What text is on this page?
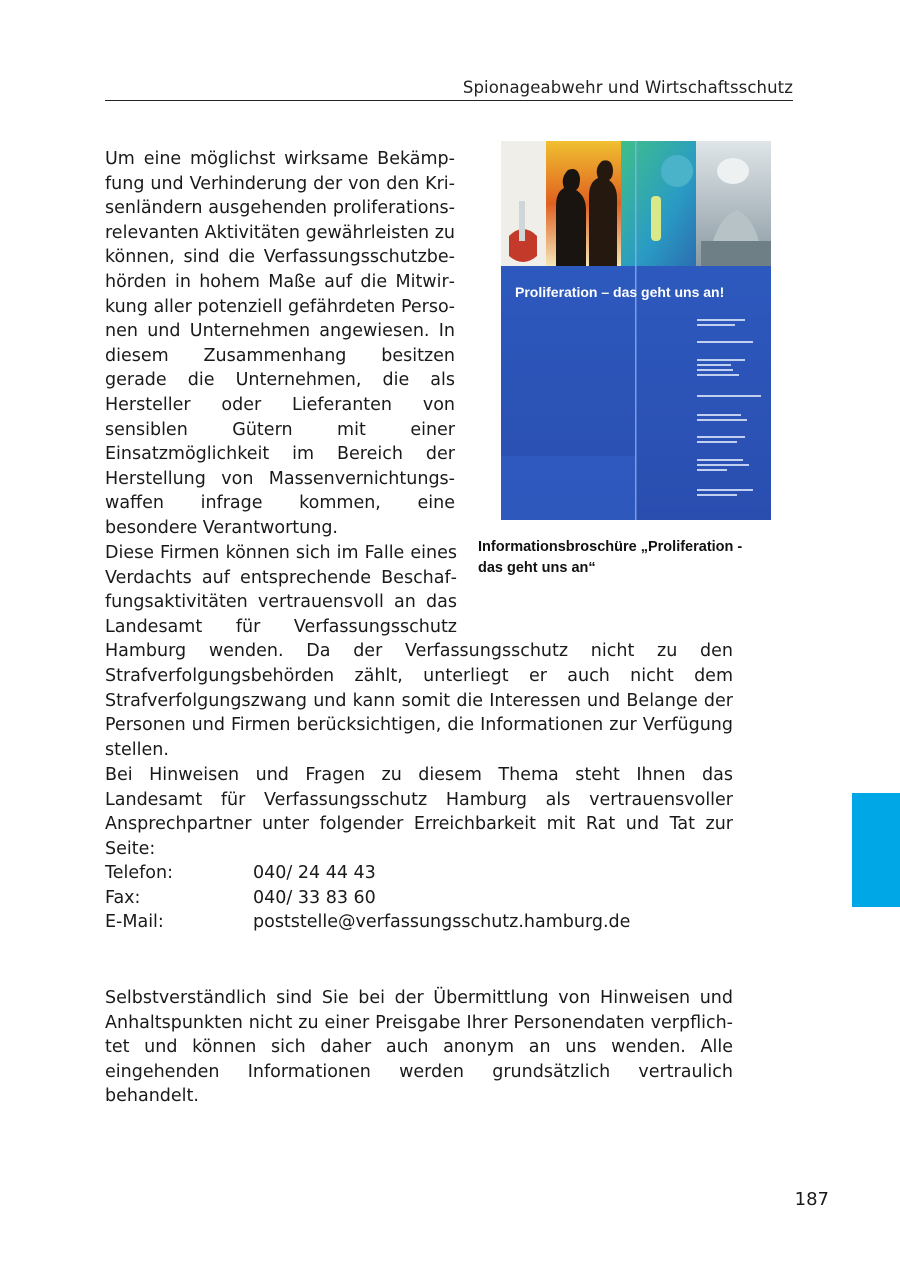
Spionageabwehr und Wirtschaftsschutz
Um eine möglichst wirksame Bekämpfung und Verhinderung der von den Krisenländern ausgehenden proliferationsrelevanten Aktivitäten gewährleisten zu können, sind die Verfassungsschutzbehörden in hohem Maße auf die Mitwirkung aller potenziell gefährdeten Personen und Unternehmen angewiesen. In diesem Zusammenhang besitzen gerade die Unternehmen, die als Hersteller oder Lieferanten von sensiblen Gütern mit einer Einsatzmöglichkeit im Bereich der Herstellung von Massenvernichtungswaffen infrage kommen, eine besondere Verantwortung.
Proliferation – das geht uns an!
Informationsbroschüre „Proliferation -
das geht uns an“

Diese Firmen können sich im Falle eines Verdachts auf entsprechende Beschaffungsaktivitäten vertrauensvoll an das Landesamt für Verfassungsschutz Hamburg wenden. Da der Verfassungsschutz nicht zu den Strafverfolgungsbehörden zählt, unterliegt er auch nicht dem Strafverfolgungszwang und kann somit die Interessen und Belange der Personen und Firmen berücksichtigen, die Informationen zur Verfügung stellen.

Bei Hinweisen und Fragen zu diesem Thema steht Ihnen das Landesamt für Verfassungsschutz Hamburg als vertrauensvoller Ansprechpartner unter folgender Erreichbarkeit mit Rat und Tat zur Seite:
Telefon:	040/ 24 44 43
Fax:	040/ 33 83 60
E-Mail:	poststelle@verfassungsschutz.hamburg.de
Selbstverständlich sind Sie bei der Übermittlung von Hinweisen und Anhaltspunkten nicht zu einer Preisgabe Ihrer Personendaten verpflichtet und können sich daher auch anonym an uns wenden. Alle eingehenden Informationen werden grundsätzlich vertraulich behandelt.
187
